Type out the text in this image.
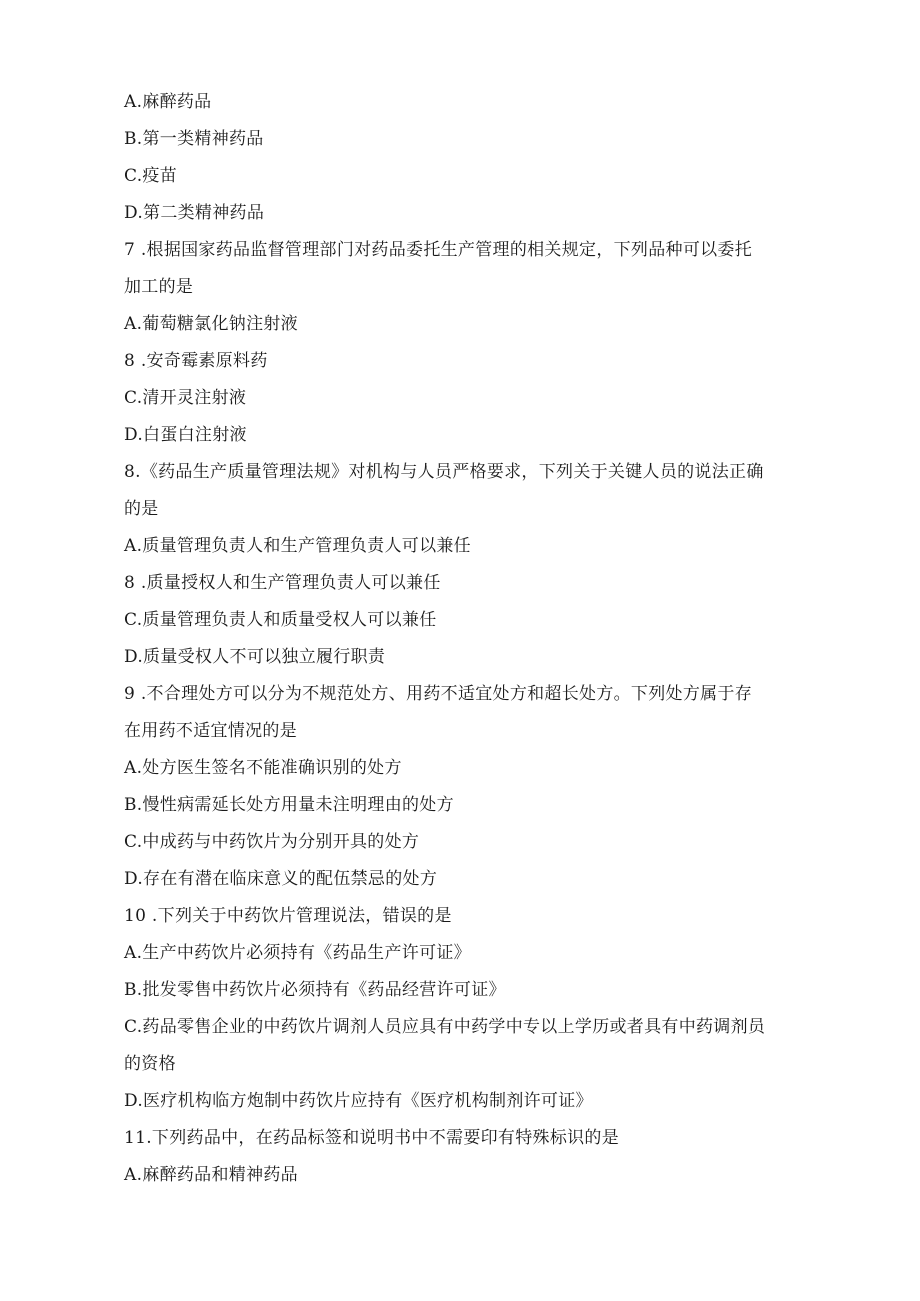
A.麻醉药品
B.第一类精神药品
C.疫苗
D.第二类精神药品
7 .根据国家药品监督管理部门对药品委托生产管理的相关规定，下列品种可以委托
加工的是
A.葡萄糖氯化钠注射液
8 .安奇霉素原料药
C.清开灵注射液
D.白蛋白注射液
8.《药品生产质量管理法规》对机构与人员严格要求，下列关于关键人员的说法正确
的是
A.质量管理负责人和生产管理负责人可以兼任
8 .质量授权人和生产管理负责人可以兼任
C.质量管理负责人和质量受权人可以兼任
D.质量受权人不可以独立履行职责
9 .不合理处方可以分为不规范处方、用药不适宜处方和超长处方。下列处方属于存
在用药不适宜情况的是
A.处方医生签名不能准确识别的处方
B.慢性病需延长处方用量未注明理由的处方
C.中成药与中药饮片为分别开具的处方
D.存在有潜在临床意义的配伍禁忌的处方
10 .下列关于中药饮片管理说法，错误的是
A.生产中药饮片必须持有《药品生产许可证》
B.批发零售中药饮片必须持有《药品经营许可证》
C.药品零售企业的中药饮片调剂人员应具有中药学中专以上学历或者具有中药调剂员
的资格
D.医疗机构临方炮制中药饮片应持有《医疗机构制剂许可证》
11.下列药品中，在药品标签和说明书中不需要印有特殊标识的是
A.麻醉药品和精神药品
